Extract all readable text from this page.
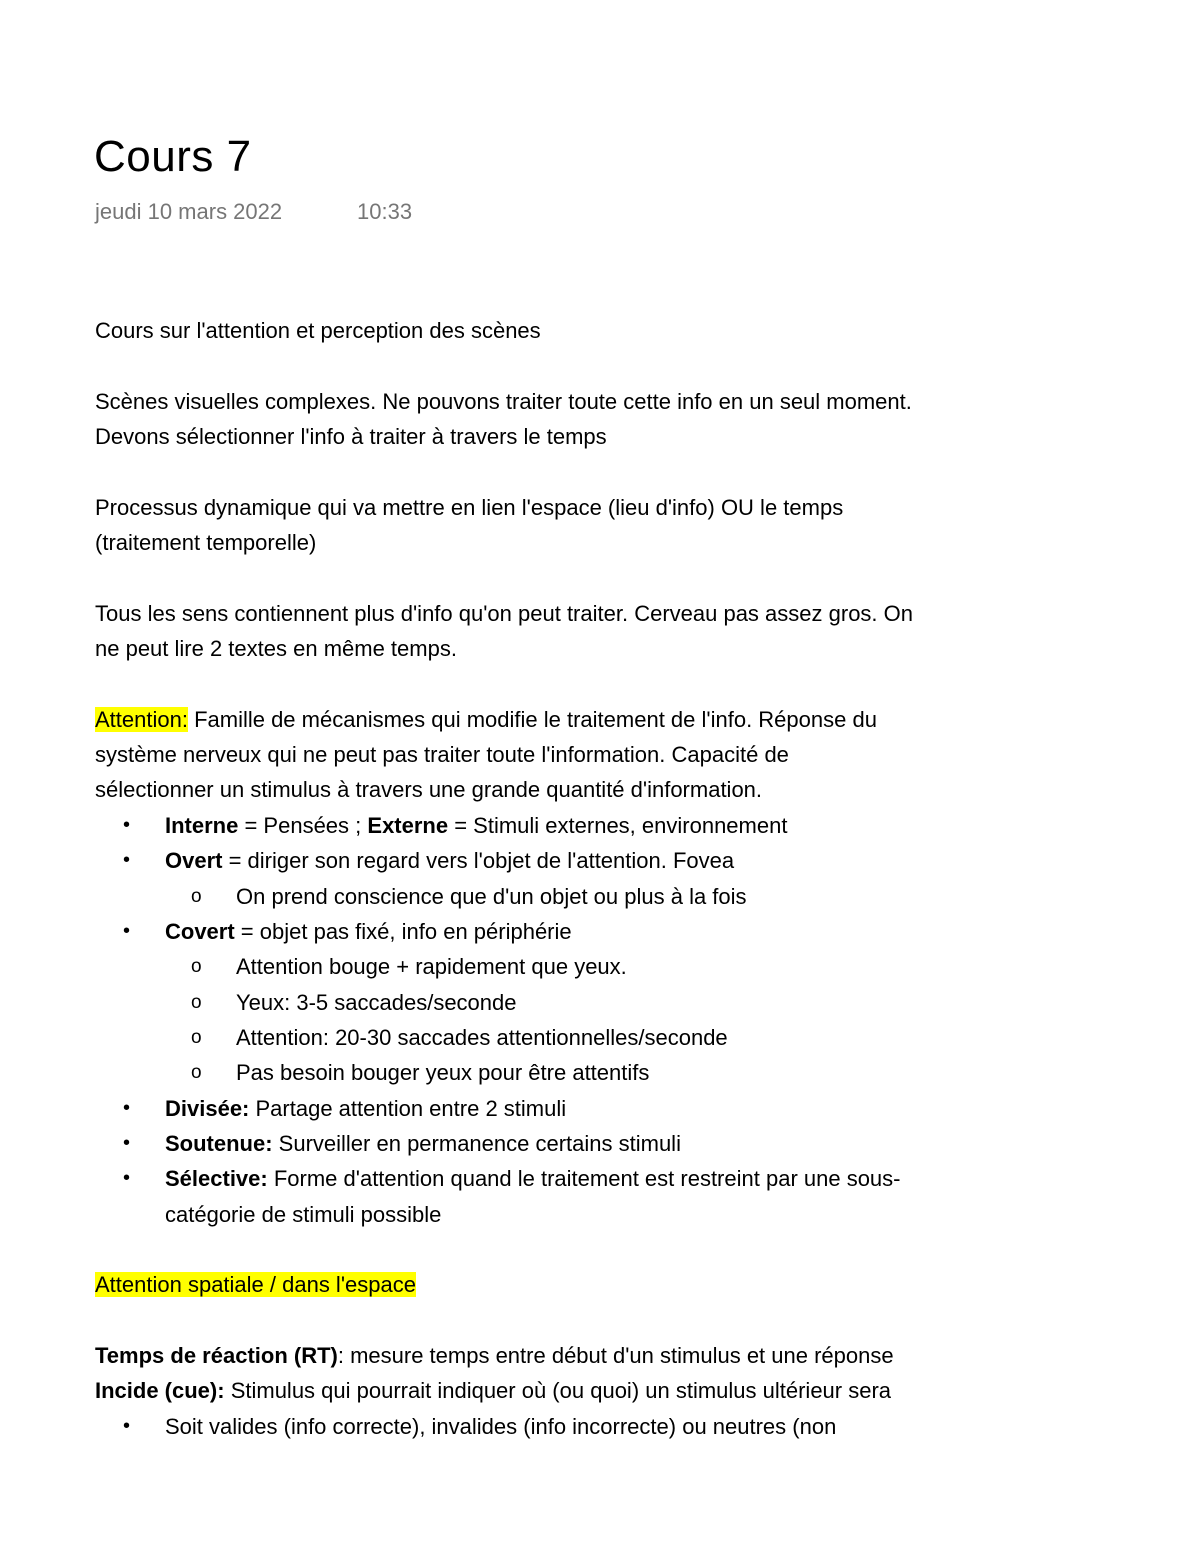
Cours 7
jeudi 10 mars 2022	10:33
Cours sur l'attention et perception des scènes
Scènes visuelles complexes. Ne pouvons traiter toute cette info en un seul moment.
Devons sélectionner l'info à traiter à travers le temps
Processus dynamique qui va mettre en lien l'espace (lieu d'info) OU le temps
(traitement temporelle)
Tous les sens contiennent plus d'info qu'on peut traiter. Cerveau pas assez gros. On
ne peut lire 2 textes en même temps.
Attention: Famille de mécanismes qui modifie le traitement de l'info. Réponse du
système nerveux qui ne peut pas traiter toute l'information. Capacité de
sélectionner un stimulus à travers une grande quantité d'information.
• Interne = Pensées ; Externe = Stimuli externes, environnement
• Overt = diriger son regard vers l'objet de l'attention. Fovea
o On prend conscience que d'un objet ou plus à la fois
• Covert = objet pas fixé, info en périphérie
o Attention bouge + rapidement que yeux.
o Yeux: 3-5 saccades/seconde
o Attention: 20-30 saccades attentionnelles/seconde
o Pas besoin bouger yeux pour être attentifs
• Divisée: Partage attention entre 2 stimuli
• Soutenue: Surveiller en permanence certains stimuli
• Sélective: Forme d'attention quand le traitement est restreint par une sous-
catégorie de stimuli possible
Attention spatiale / dans l'espace
Temps de réaction (RT): mesure temps entre début d'un stimulus et une réponse
Incide (cue): Stimulus qui pourrait indiquer où (ou quoi) un stimulus ultérieur sera
• Soit valides (info correcte), invalides (info incorrecte) ou neutres (non
